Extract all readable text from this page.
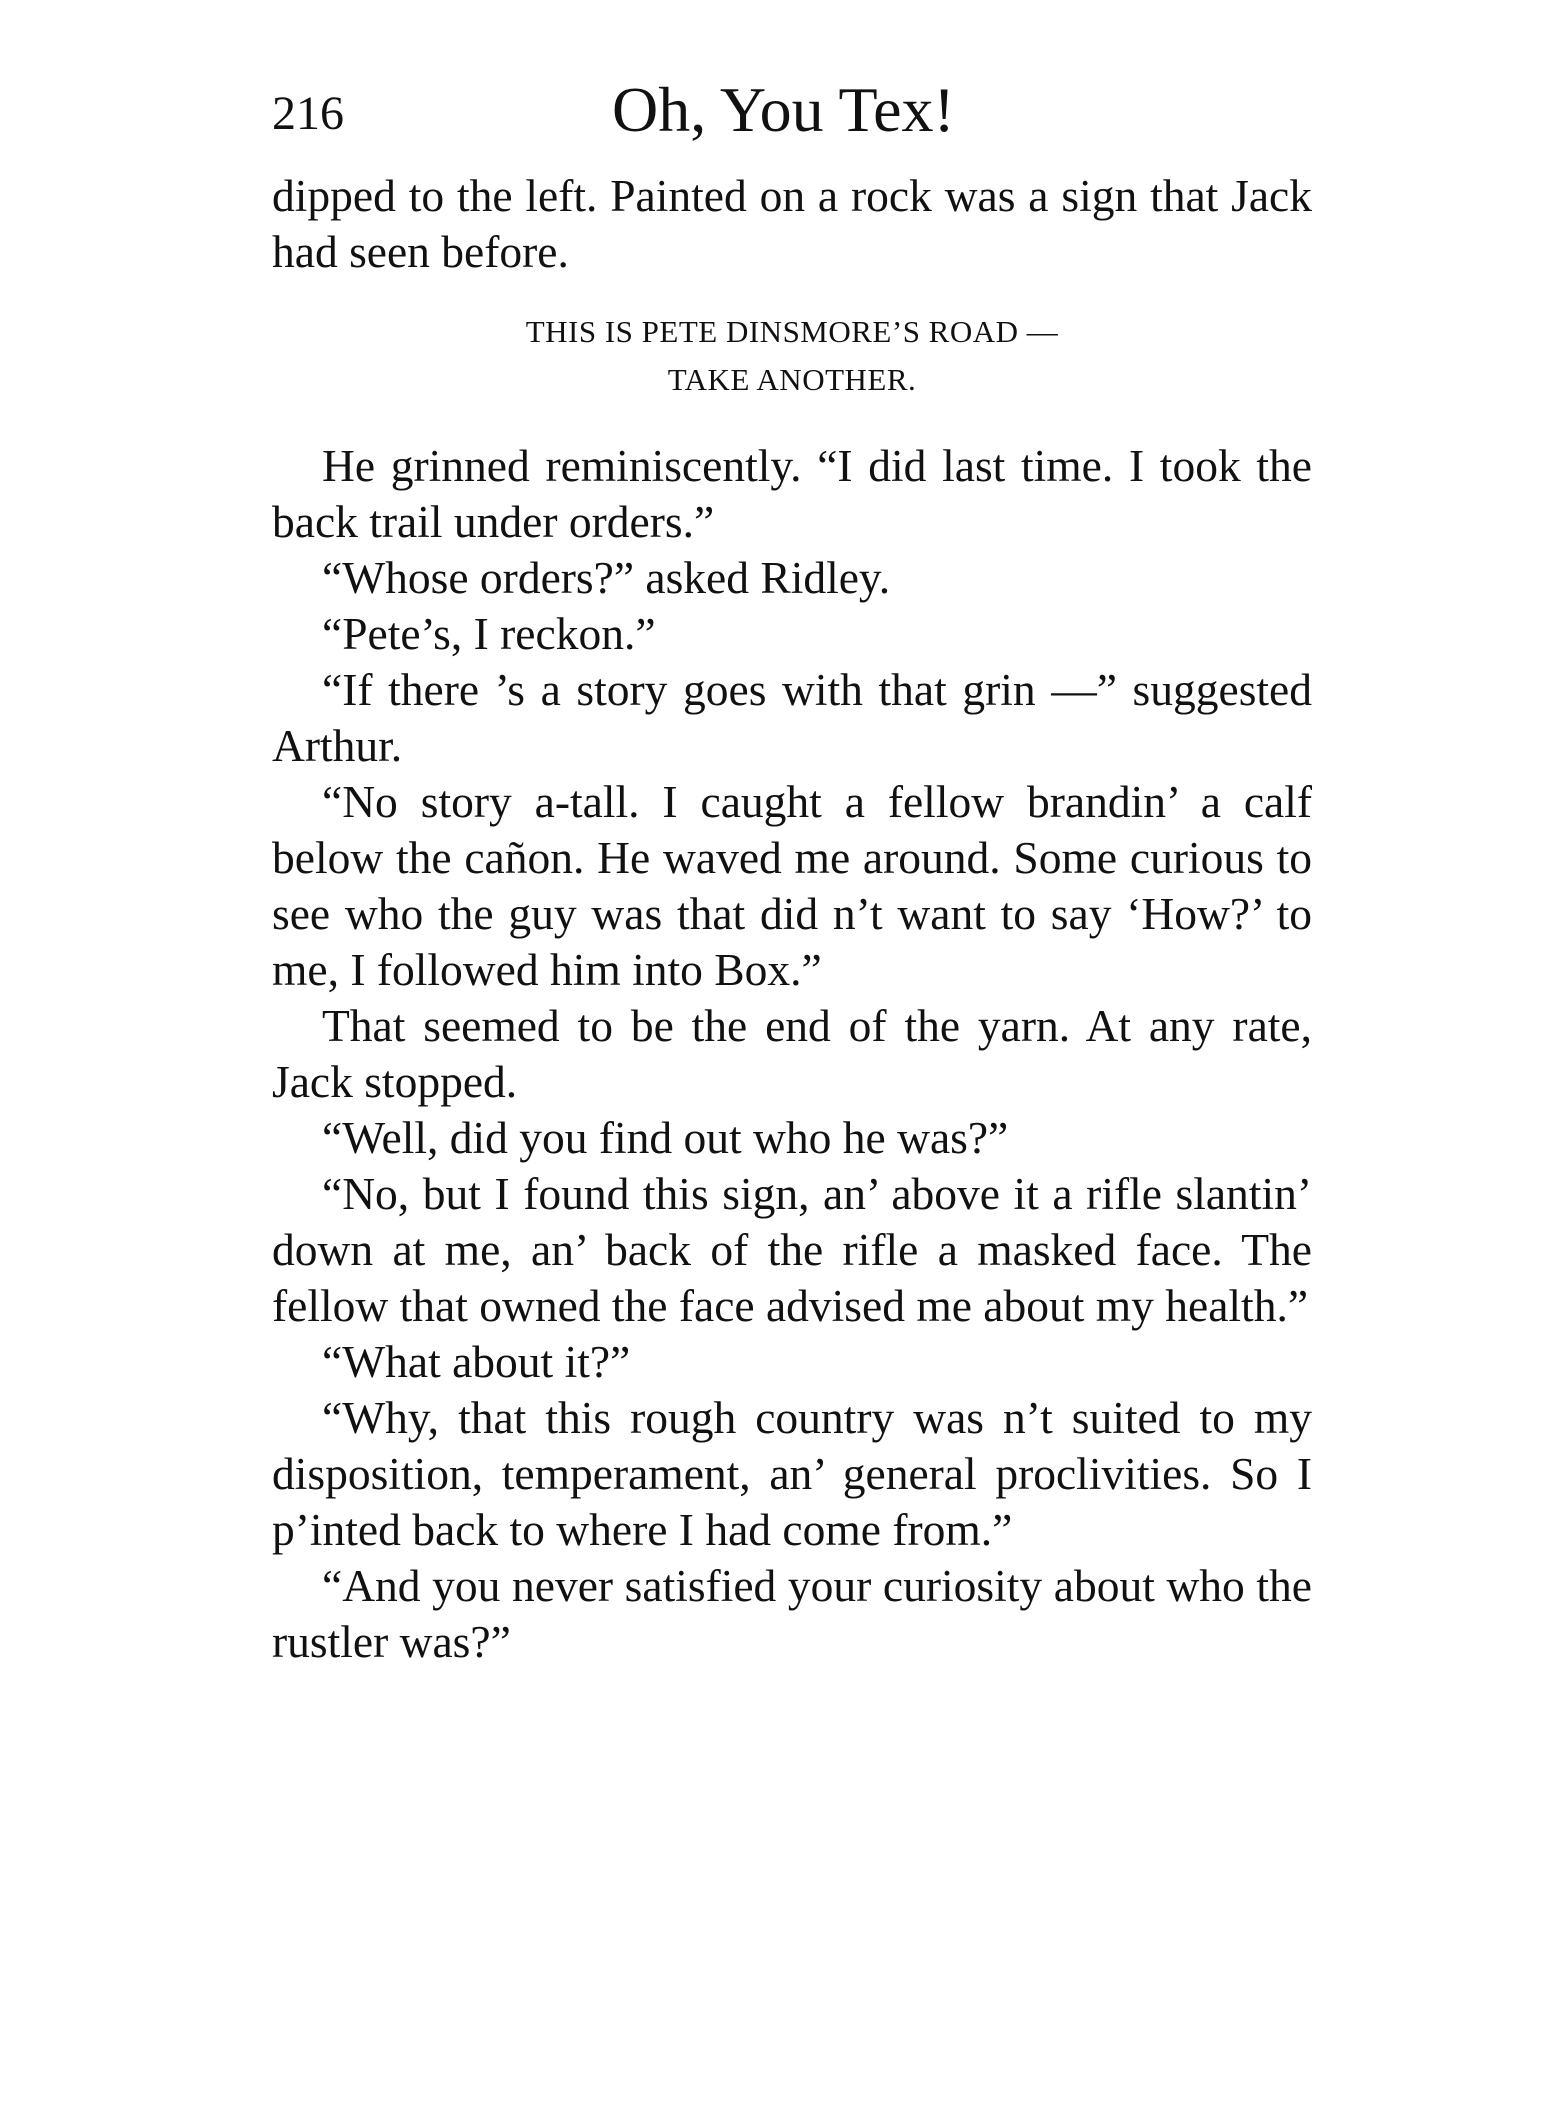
216	Oh, You Tex!

dipped to the left. Painted on a rock was a sign that Jack had seen before.

THIS IS PETE DINSMORE’S ROAD —
TAKE ANOTHER.

He grinned reminiscently. “I did last time. I took the back trail under orders.”

“Whose orders?” asked Ridley.

“Pete’s, I reckon.”

“If there ’s a story goes with that grin —” suggested Arthur.

“No story a-tall. I caught a fellow brandin’ a calf below the cañon. He waved me around. Some curious to see who the guy was that did n’t want to say ‘How?’ to me, I followed him into Box.”

That seemed to be the end of the yarn. At any rate, Jack stopped.

“Well, did you find out who he was?”

“No, but I found this sign, an’ above it a rifle slantin’ down at me, an’ back of the rifle a masked face. The fellow that owned the face advised me about my health.”

“What about it?”

“Why, that this rough country was n’t suited to my disposition, temperament, an’ general proclivities. So I p’inted back to where I had come from.”

“And you never satisfied your curiosity about who the rustler was?”
